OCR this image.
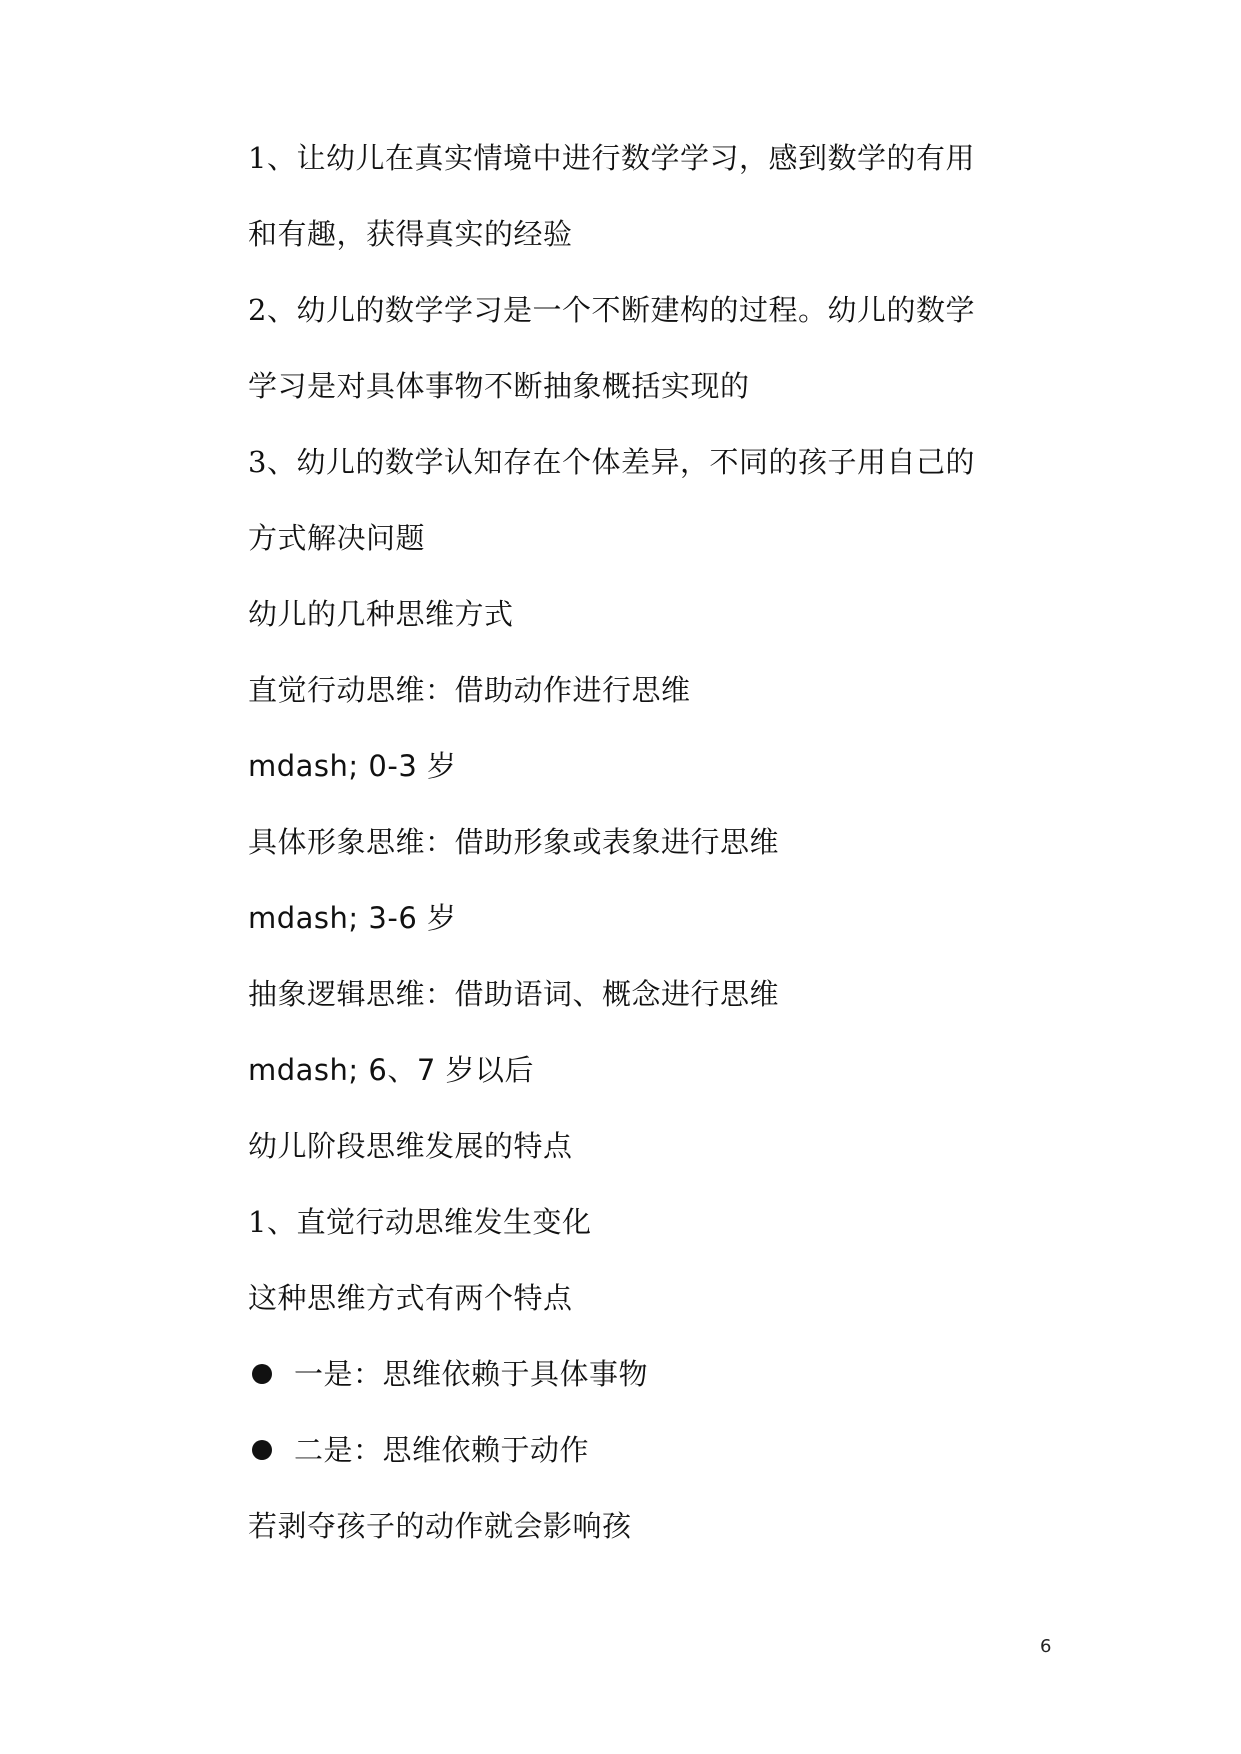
1、让幼儿在真实情境中进行数学学习，感到数学的有用
和有趣，获得真实的经验
2、幼儿的数学学习是一个不断建构的过程。幼儿的数学
学习是对具体事物不断抽象概括实现的
3、幼儿的数学认知存在个体差异，不同的孩子用自己的
方式解决问题
幼儿的几种思维方式
直觉行动思维：借助动作进行思维
mdash; 0-3 岁
具体形象思维：借助形象或表象进行思维
mdash; 3-6 岁
抽象逻辑思维：借助语词、概念进行思维
mdash; 6、7 岁以后
幼儿阶段思维发展的特点
1、直觉行动思维发生变化
这种思维方式有两个特点
一是：思维依赖于具体事物
二是：思维依赖于动作
若剥夺孩子的动作就会影响孩
6
